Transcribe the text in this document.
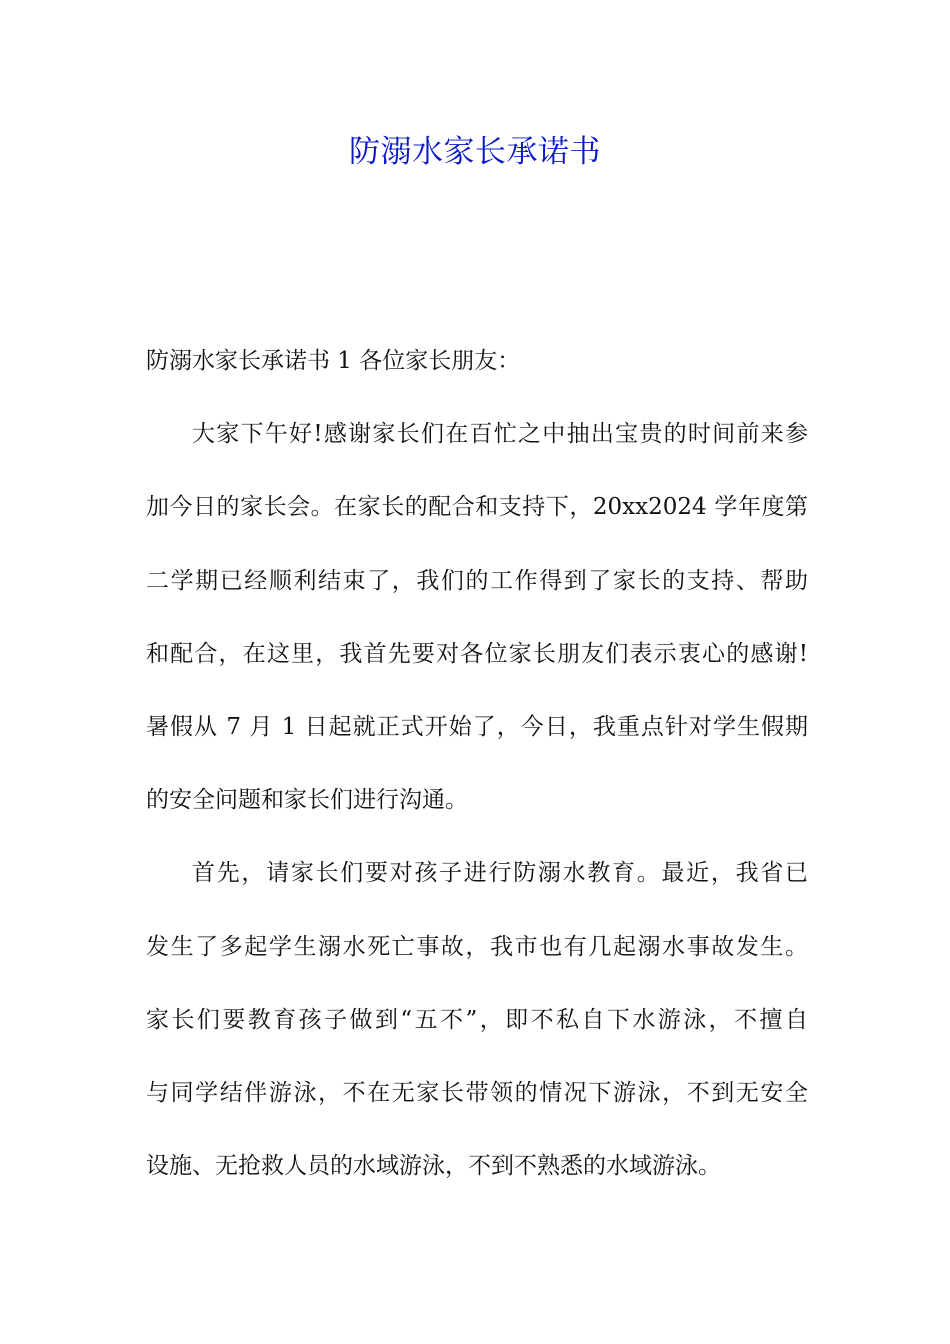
防溺水家长承诺书
防溺水家长承诺书 1 各位家长朋友：
大家下午好!感谢家长们在百忙之中抽出宝贵的时间前来参
加今日的家长会。在家长的配合和支持下，20xx2024 学年度第
二学期已经顺利结束了，我们的工作得到了家长的支持、帮助
和配合，在这里，我首先要对各位家长朋友们表示衷心的感谢!
暑假从 7 月 1 日起就正式开始了，今日，我重点针对学生假期
的安全问题和家长们进行沟通。
首先，请家长们要对孩子进行防溺水教育。最近，我省已
发生了多起学生溺水死亡事故，我市也有几起溺水事故发生。
家长们要教育孩子做到“五不”，即不私自下水游泳，不擅自
与同学结伴游泳，不在无家长带领的情况下游泳，不到无安全
设施、无抢救人员的水域游泳，不到不熟悉的水域游泳。
